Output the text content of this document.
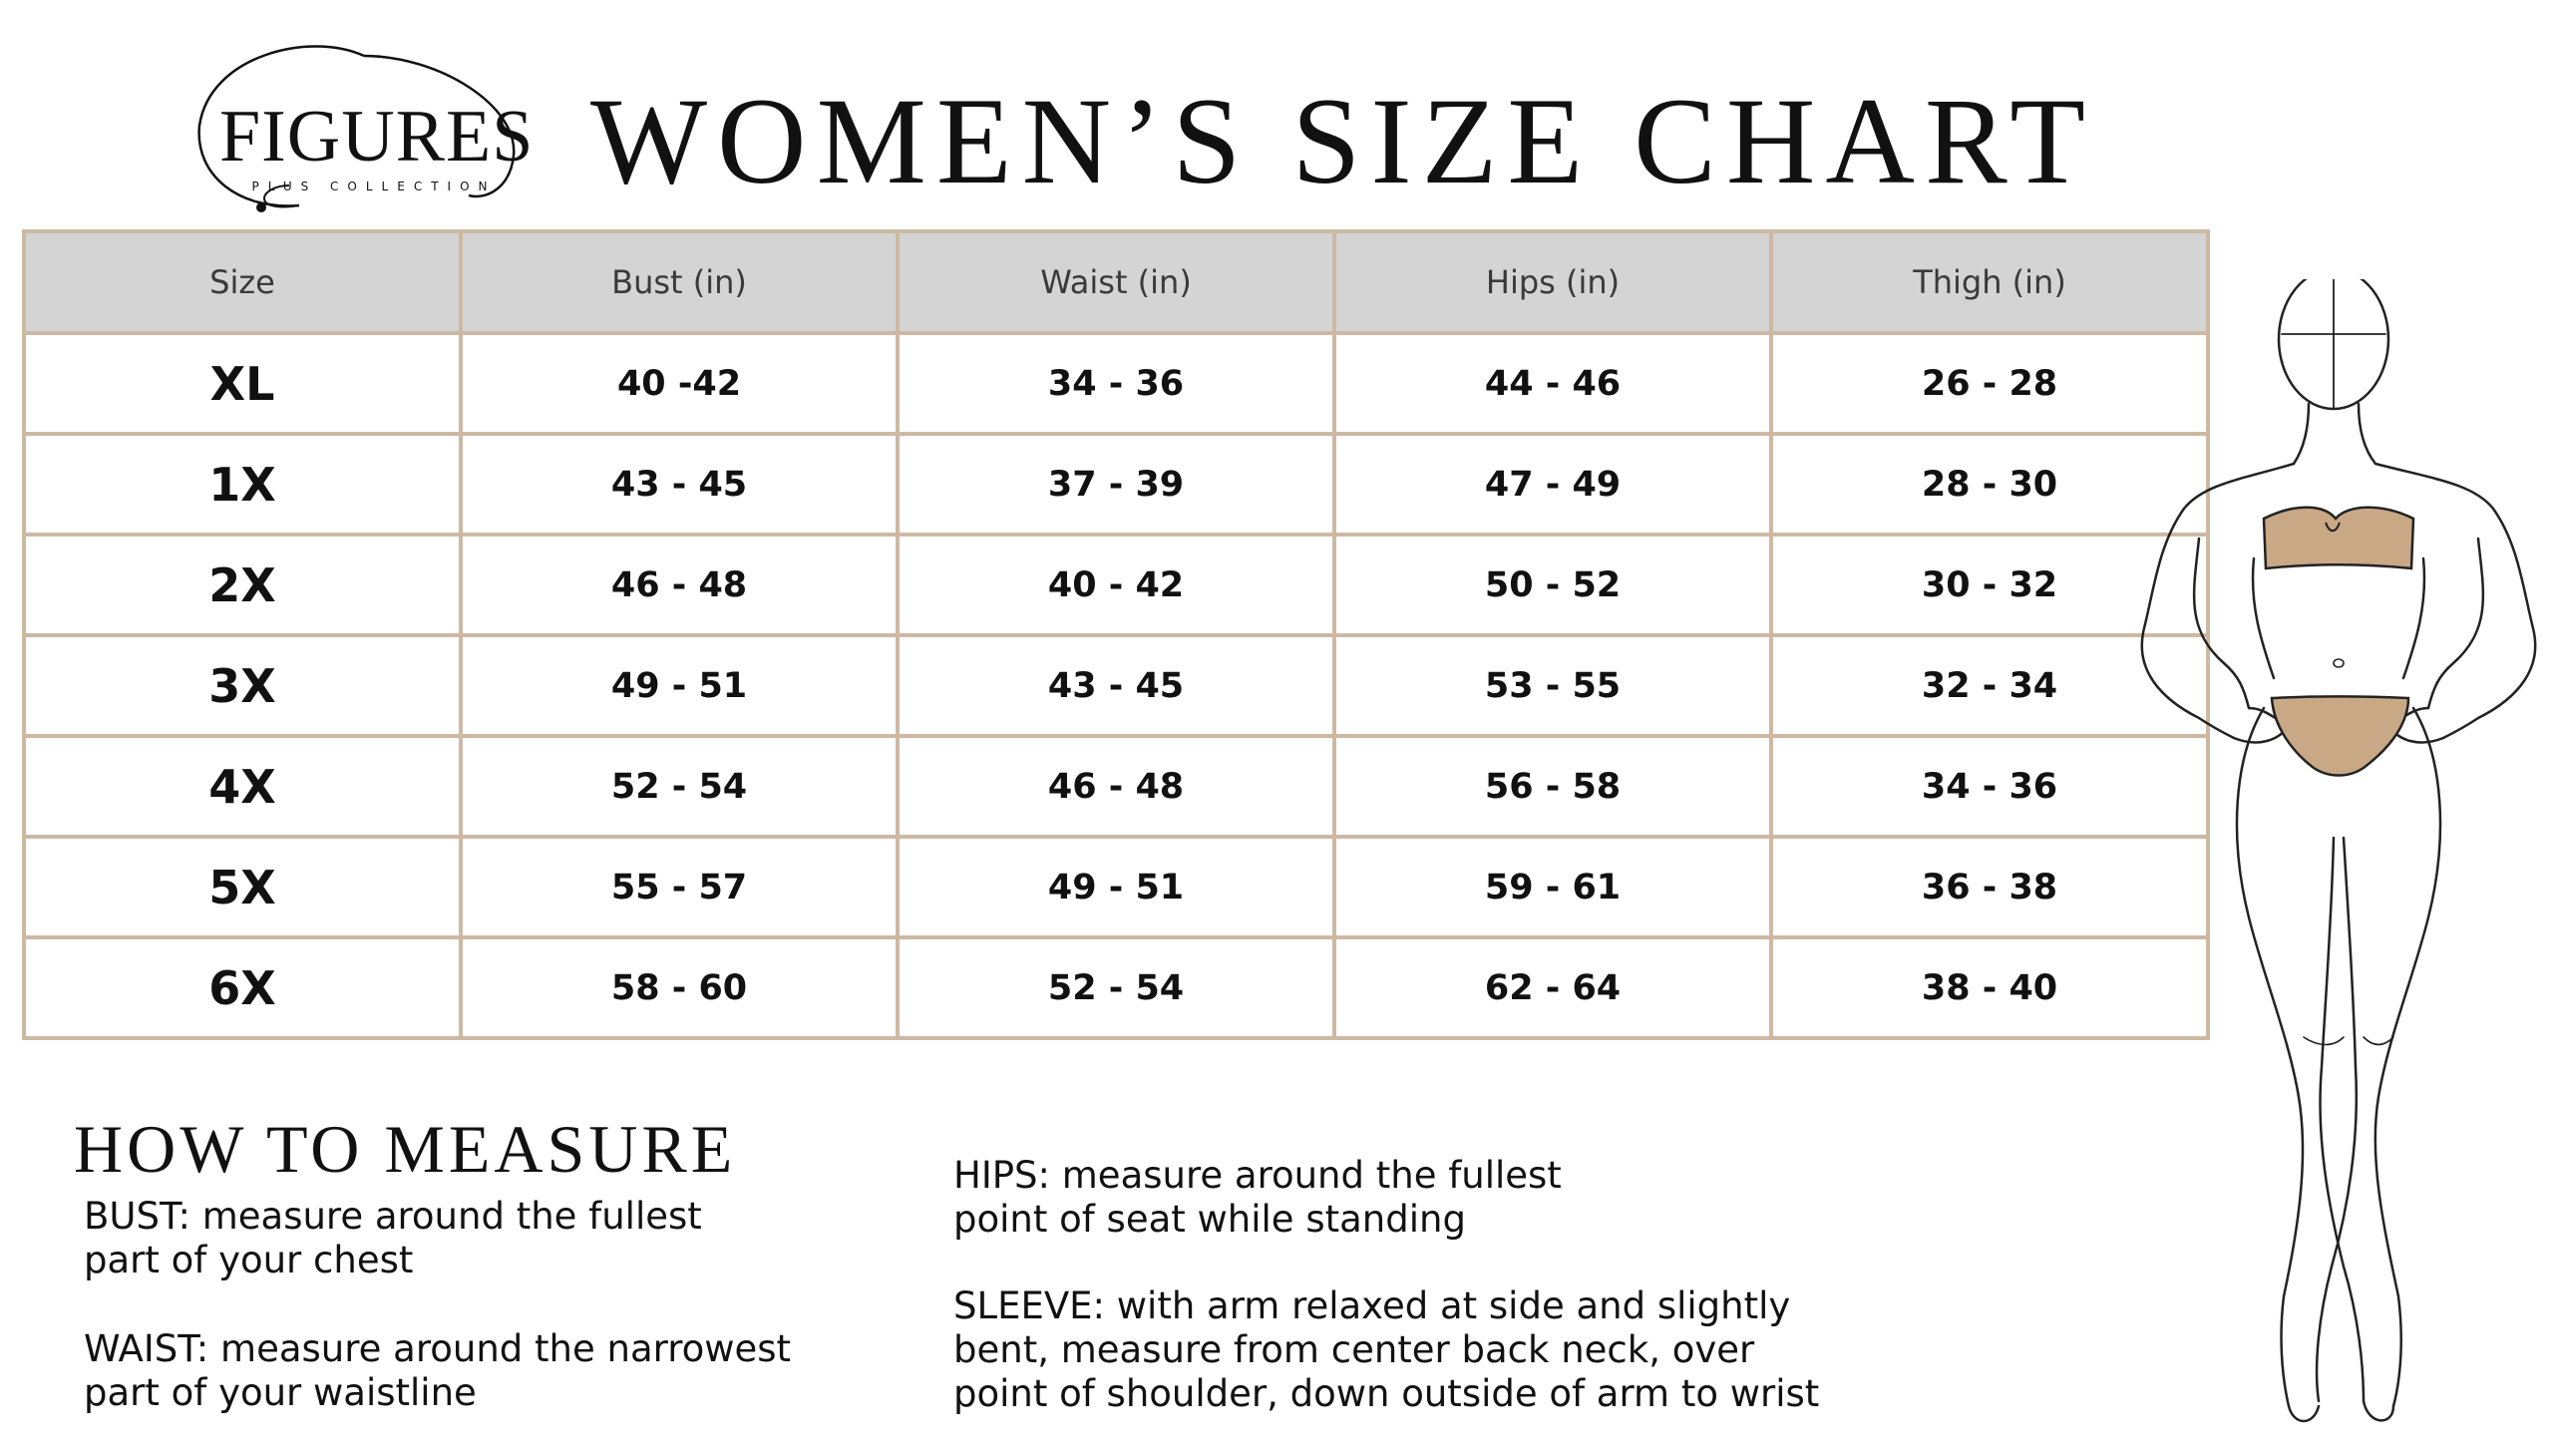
FIGURES
PLUS COLLECTION WOMEN’S SIZE CHART
Size	Bust (in)	Waist (in)	Hips (in)	Thigh (in)
XL	40 -42	34 - 36	44 - 46	26 - 28
1X	43 - 45	37 - 39	47 - 49	28 - 30
2X	46 - 48	40 - 42	50 - 52	30 - 32
3X	49 - 51	43 - 45	53 - 55	32 - 34
4X	52 - 54	46 - 48	56 - 58	34 - 36
5X	55 - 57	49 - 51	59 - 61	36 - 38
6X	58 - 60	52 - 54	62 - 64	38 - 40
HOW TO MEASURE
BUST: measure around the fullest
part of your chest
WAIST: measure around the narrowest
part of your waistline
HIPS: measure around the fullest
point of seat while standing
SLEEVE: with arm relaxed at side and slightly
bent, measure from center back neck, over
point of shoulder, down outside of arm to wrist
